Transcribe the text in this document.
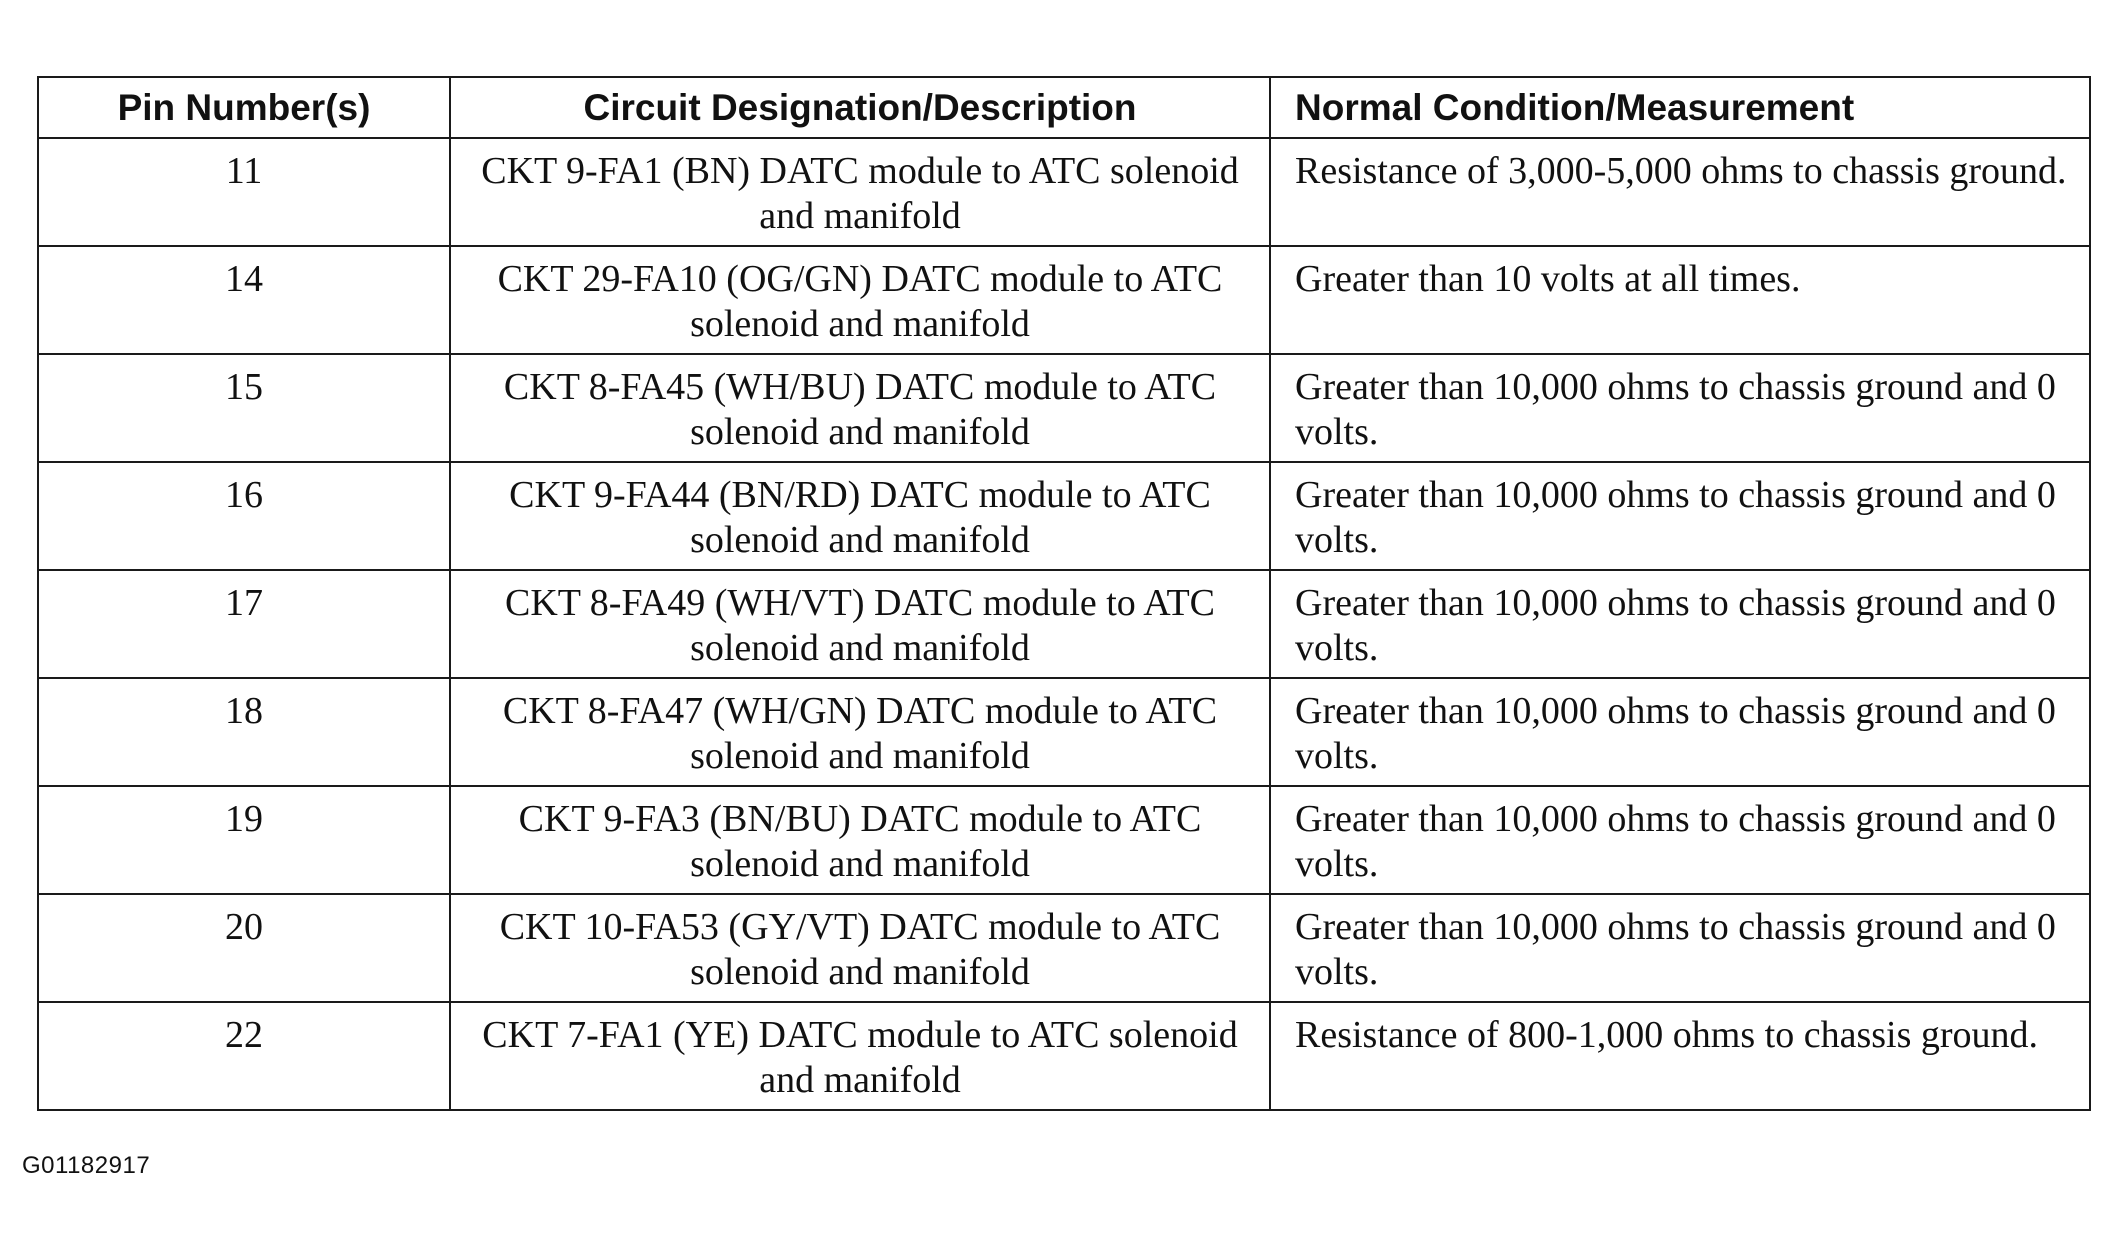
Pin Number(s)	Circuit Designation/Description	Normal Condition/Measurement
11	CKT 9-FA1 (BN) DATC module to ATC solenoid and manifold	Resistance of 3,000-5,000 ohms to chassis ground.
14	CKT 29-FA10 (OG/GN) DATC module to ATC solenoid and manifold	Greater than 10 volts at all times.
15	CKT 8-FA45 (WH/BU) DATC module to ATC solenoid and manifold	Greater than 10,000 ohms to chassis ground and 0 volts.
16	CKT 9-FA44 (BN/RD) DATC module to ATC solenoid and manifold	Greater than 10,000 ohms to chassis ground and 0 volts.
17	CKT 8-FA49 (WH/VT) DATC module to ATC solenoid and manifold	Greater than 10,000 ohms to chassis ground and 0 volts.
18	CKT 8-FA47 (WH/GN) DATC module to ATC solenoid and manifold	Greater than 10,000 ohms to chassis ground and 0 volts.
19	CKT 9-FA3 (BN/BU) DATC module to ATC solenoid and manifold	Greater than 10,000 ohms to chassis ground and 0 volts.
20	CKT 10-FA53 (GY/VT) DATC module to ATC solenoid and manifold	Greater than 10,000 ohms to chassis ground and 0 volts.
22	CKT 7-FA1 (YE) DATC module to ATC solenoid and manifold	Resistance of 800-1,000 ohms to chassis ground.
G01182917
